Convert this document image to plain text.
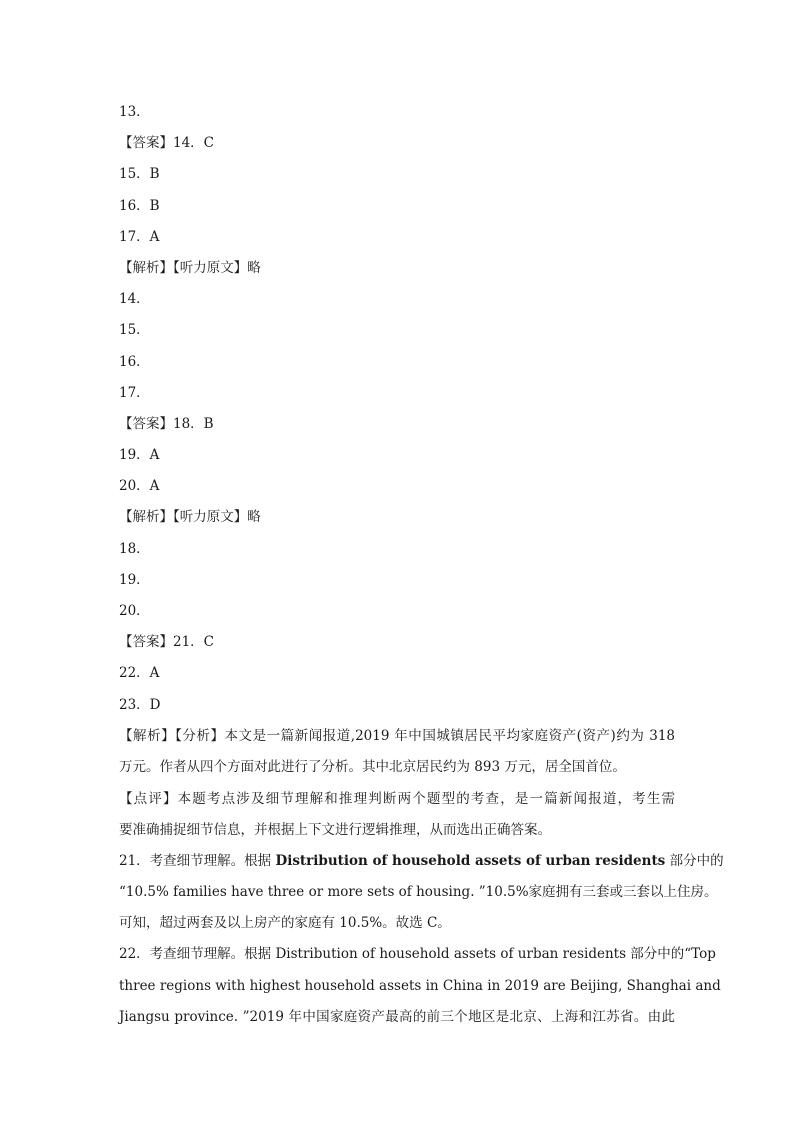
13．
【答案】14．C
15．B
16．B
17．A
【解析】【听力原文】略
14．
15．
16．
17．
【答案】18．B
19．A
20．A
【解析】【听力原文】略
18．
19．
20．
【答案】21．C
22．A
23．D
【解析】【分析】本文是一篇新闻报道,2019 年中国城镇居民平均家庭资产(资产)约为 318
万元。作者从四个方面对此进行了分析。其中北京居民约为 893 万元，居全国首位。
【点评】本题考点涉及细节理解和推理判断两个题型的考查，是一篇新闻报道，考生需
要准确捕捉细节信息，并根据上下文进行逻辑推理，从而选出正确答案。
21．考查细节理解。根据 Distribution of household assets of urban residents 部分中的
“10.5% families have three or more sets of housing. ”10.5%家庭拥有三套或三套以上住房。
可知，超过两套及以上房产的家庭有 10.5%。故选 C。
22．考查细节理解。根据 Distribution of household assets of urban residents 部分中的“Top
three regions with highest household assets in China in 2019 are Beijing, Shanghai and
Jiangsu province. ”2019 年中国家庭资产最高的前三个地区是北京、上海和江苏省。由此
